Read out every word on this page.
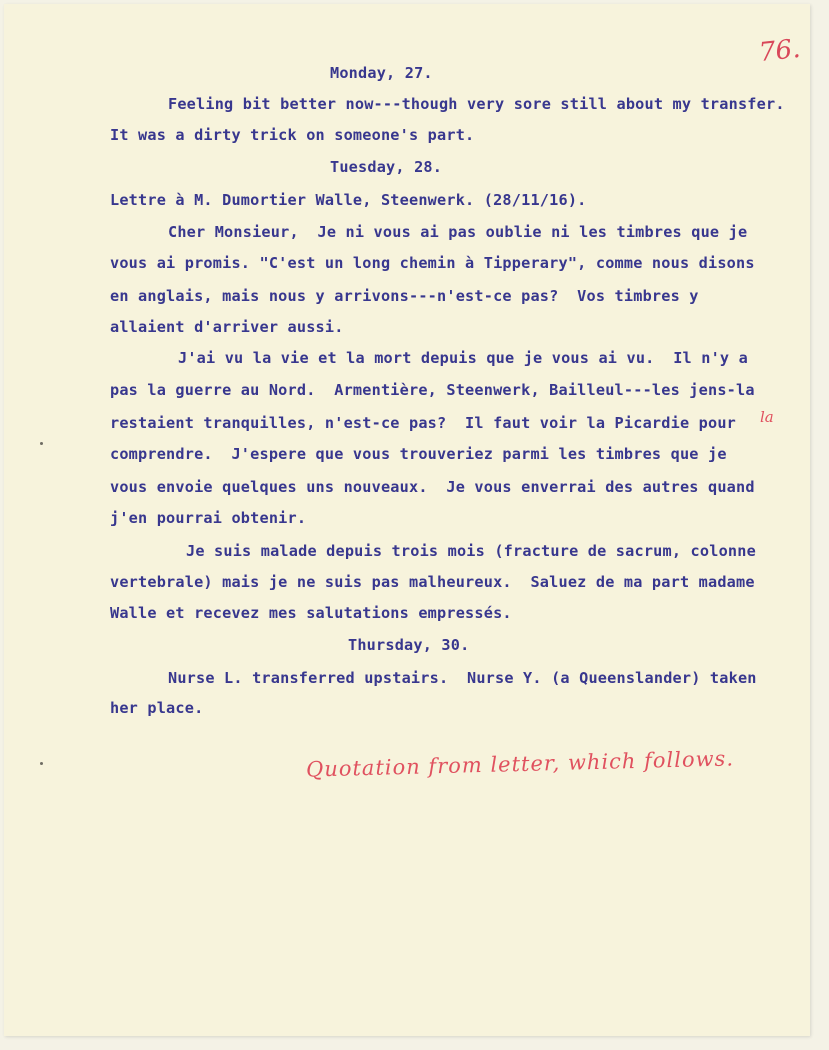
76.
Monday, 27.
Feeling bit better now---though very sore still about my transfer.
It was a dirty trick on someone's part.
Tuesday, 28.
Lettre à M. Dumortier Walle, Steenwerk. (28/11/16).
Cher Monsieur,  Je ni vous ai pas oublie ni les timbres que je
vous ai promis. "C'est un long chemin à Tipperary", comme nous disons
en anglais, mais nous y arrivons---n'est-ce pas?  Vos timbres y
allaient d'arriver aussi.
J'ai vu la vie et la mort depuis que je vous ai vu.  Il n'y a
pas la guerre au Nord.  Armentière, Steenwerk, Bailleul---les jens-la
restaient tranquilles, n'est-ce pas?  Il faut voir la Picardie pour
comprendre.  J'espere que vous trouveriez parmi les timbres que je
vous envoie quelques uns nouveaux.  Je vous enverrai des autres quand
j'en pourrai obtenir.
Je suis malade depuis trois mois (fracture de sacrum, colonne
vertebrale) mais je ne suis pas malheureux.  Saluez de ma part madame
Walle et recevez mes salutations empressés.
Thursday, 30.
Nurse L. transferred upstairs.  Nurse Y. (a Queenslander) taken
her place.
la
Quotation from letter, which follows.
